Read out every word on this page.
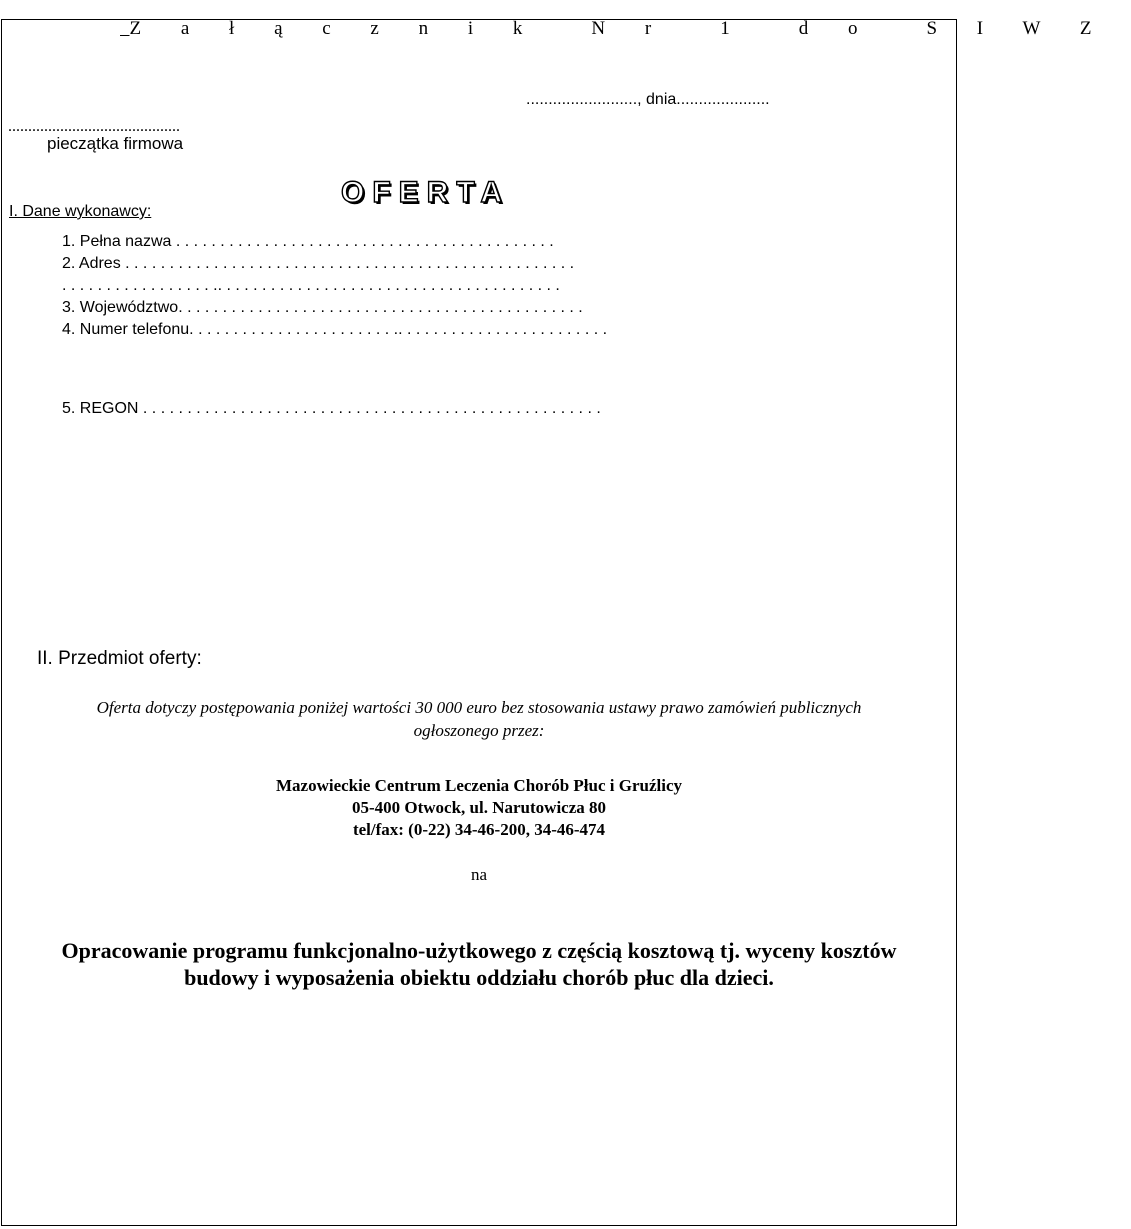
Z a ł ą c z n i k  N r  1  d o  S I W Z

...........................................
pieczątka firmowa
........................., dnia.....................
OFERTA
I. Dane wykonawcy:
1. Pełna nazwa . . . . . . . . . . . . . . . . . . . . . . . . . . . . . . . . . . . . . . . . . . .
2. Adres . . . . . . . . . . . . . . . . . . . . . . . . . . . . . . . . . . . . . . . . . . . . . . . . . . .
. . . . . . . . . . . . . . . . . .. . . . . . . . . . . . . . . . . . . . . . . . . . . . . . . . . . . . . . .
3. Województwo. . . . . . . . . . . . . . . . . . . . . . . . . . . . . . . . . . . . . . . . . . . . . .
4. Numer telefonu. . . . . . . . . . . . . . . . . . . . . . . .. . . . . . . . . . . . . . . . . . . . . . . .
5. REGON . . . . . . . . . . . . . . . . . . . . . . . . . . . . . . . . . . . . . . . . . . . . . . . . . . . .
II. Przedmiot oferty:
Oferta dotyczy postępowania poniżej wartości 30 000 euro bez stosowania ustawy prawo zamówień publicznych
ogłoszonego przez:
Mazowieckie Centrum Leczenia Chorób Płuc i Gruźlicy
05-400 Otwock, ul. Narutowicza 80
tel/fax: (0-22) 34-46-200, 34-46-474
na
Opracowanie programu funkcjonalno-użytkowego z częścią kosztową tj. wyceny kosztów
budowy i wyposażenia obiektu oddziału chorób płuc dla dzieci.
